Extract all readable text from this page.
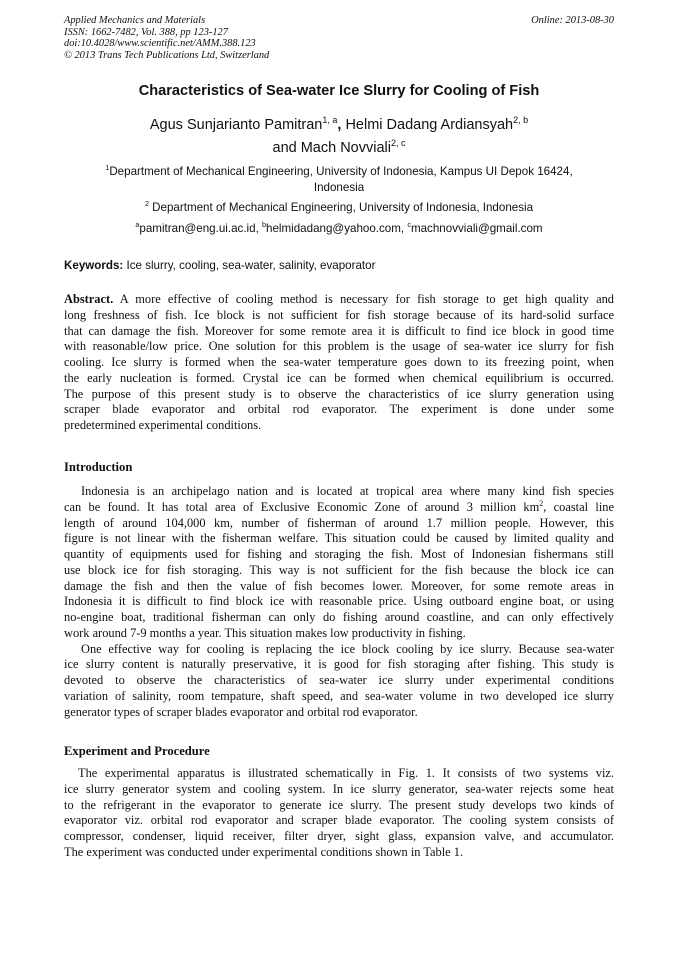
Applied Mechanics and Materials
ISSN: 1662-7482, Vol. 388, pp 123-127
doi:10.4028/www.scientific.net/AMM.388.123
© 2013 Trans Tech Publications Ltd, Switzerland
Online: 2013-08-30
Characteristics of Sea-water Ice Slurry for Cooling of Fish
Agus Sunjarianto Pamitran$^{1, a}$, Helmi Dadang Ardiansyah$^{2, b}$
and Mach Novviali$^{2, c}$
$^1$Department of Mechanical Engineering, University of Indonesia, Kampus UI Depok 16424,
Indonesia
$^2$ Department of Mechanical Engineering, University of Indonesia, Indonesia
$^a$pamitran@eng.ui.ac.id, $^b$helmidadang@yahoo.com, $^c$machnovviali@gmail.com
Keywords: Ice slurry, cooling, sea-water, salinity, evaporator
Abstract. A more effective of cooling method is necessary for fish storage to get high quality and
long freshness of fish. Ice block is not sufficient for fish storage because of its hard-solid surface
that can damage the fish. Moreover for some remote area it is difficult to find ice block in good time
with reasonable/low price. One solution for this problem is the usage of sea-water ice slurry for fish
cooling. Ice slurry is formed when the sea-water temperature goes down to its freezing point, when
the early nucleation is formed. Crystal ice can be formed when chemical equilibrium is occurred.
The purpose of this present study is to observe the characteristics of ice slurry generation using
scraper blade evaporator and orbital rod evaporator. The experiment is done under some
predetermined experimental conditions.
Introduction
Indonesia is an archipelago nation and is located at tropical area where many kind fish species
can be found. It has total area of Exclusive Economic Zone of around 3 million $km^2$, coastal line
length of around 104,000 km, number of fisherman of around 1.7 million people. However, this
figure is not linear with the fisherman welfare. This situation could be caused by limited quality and
quantity of equipments used for fishing and storaging the fish. Most of Indonesian fishermans still
use block ice for fish storaging. This way is not sufficient for the fish because the block ice can
damage the fish and then the value of fish becomes lower. Moreover, for some remote areas in
Indonesia it is difficult to find block ice with reasonable price. Using outboard engine boat, or using
no-engine boat, traditional fisherman can only do fishing around coastline, and can only effectively
work around 7-9 months a year. This situation makes low productivity in fishing.
One effective way for cooling is replacing the ice block cooling by ice slurry. Because sea-water
ice slurry content is naturally preservative, it is good for fish storaging after fishing. This study is
devoted to observe the characteristics of sea-water ice slurry under experimental conditions
variation of salinity, room tempature, shaft speed, and sea-water volume in two developed ice slurry
generator types of scraper blades evaporator and orbital rod evaporator.
Experiment and Procedure
The experimental apparatus is illustrated schematically in Fig. 1. It consists of two systems viz.
ice slurry generator system and cooling system. In ice slurry generator, sea-water rejects some heat
to the refrigerant in the evaporator to generate ice slurry. The present study develops two kinds of
evaporator viz. orbital rod evaporator and scraper blade evaporator. The cooling system consists of
compressor, condenser, liquid receiver, filter dryer, sight glass, expansion valve, and accumulator.
The experiment was conducted under experimental conditions shown in Table 1.
